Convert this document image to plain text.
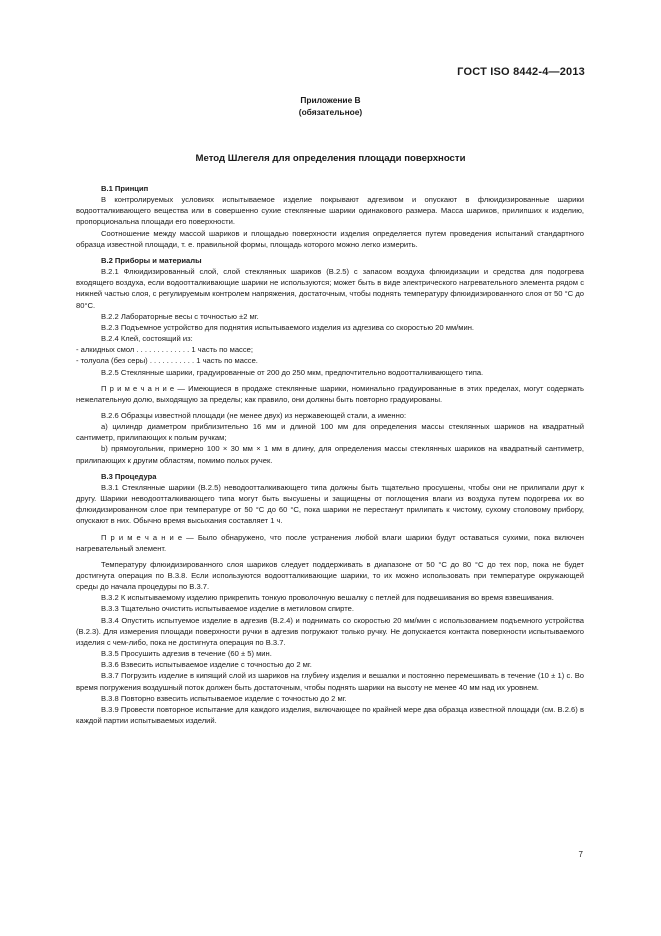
ГОСТ ISO 8442-4—2013
Приложение B
(обязательное)
Метод Шлегеля для определения площади поверхности

В.1 Принцип

В контролируемых условиях испытываемое изделие покрывают адгезивом и опускают в флюидизированные шарики водоотталкивающего вещества или в совершенно сухие стеклянные шарики одинакового размера. Масса шариков, прилипших к изделию, пропорциональна площади его поверхности.

Соотношение между массой шариков и площадью поверхности изделия определяется путем проведения испытаний стандартного образца известной площади, т. е. правильной формы, площадь которого можно легко измерить.

В.2 Приборы и материалы

В.2.1 Флюидизированный слой, слой стеклянных шариков (В.2.5) с запасом воздуха флюидизации и средства для подогрева входящего воздуха, если водоотталкивающие шарики не используются; может быть в виде электрического нагревательного элемента рядом с нижней частью слоя, с регулируемым контролем напряжения, достаточным, чтобы поднять температуру флюидизированного слоя от 50 °С до 80°С.

В.2.2 Лабораторные весы с точностью ±2 мг.

В.2.3 Подъемное устройство для поднятия испытываемого изделия из адгезива со скоростью 20 мм/мин.

В.2.4 Клей, состоящий из:

- алкидных смол . . . . . . . . . . . . . 1 часть по массе;

- толуола (без серы) . . . . . . . . . . . 1 часть по массе.

В.2.5 Стеклянные шарики, градуированные от 200 до 250 мкм, предпочтительно водоотталкивающего типа.

П р и м е ч а н и е — Имеющиеся в продаже стеклянные шарики, номинально градуированные в этих пределах, могут содержать нежелательную долю, выходящую за пределы; как правило, они должны быть повторно градуированы.

В.2.6 Образцы известной площади (не менее двух) из нержавеющей стали, а именно:

а) цилиндр диаметром приблизительно 16 мм и длиной 100 мм для определения массы стеклянных шариков на квадратный сантиметр, прилипающих к полым ручкам;

b) прямоугольник, примерно 100 × 30 мм × 1 мм в длину, для определения массы стеклянных шариков на квадратный сантиметр, прилипающих к другим областям, помимо полых ручек.

В.3 Процедура

В.3.1 Стеклянные шарики (В.2.5) неводоотталкивающего типа должны быть тщательно просушены, чтобы они не прилипали друг к другу. Шарики неводоотталкивающего типа могут быть высушены и защищены от поглощения влаги из воздуха путем подогрева их во флюидизированном слое при температуре от 50 °С до 60 °С, пока шарики не перестанут прилипать к чистому, сухому столовому прибору, опускают в них. Обычно время высыхания составляет 1 ч.

П р и м е ч а н и е — Было обнаружено, что после устранения любой влаги шарики будут оставаться сухими, пока включен нагревательный элемент.

Температуру флюидизированного слоя шариков следует поддерживать в диапазоне от 50 °С до 80 °С до тех пор, пока не будет достигнута операция по В.3.8. Если используются водоотталкивающие шарики, то их можно использовать при температуре окружающей среды до начала процедуры по В.3.7.

В.3.2 К испытываемому изделию прикрепить тонкую проволочную вешалку с петлей для подвешивания во время взвешивания.

В.3.3 Тщательно очистить испытываемое изделие в метиловом спирте.

В.3.4 Опустить испытуемое изделие в адгезив (В.2.4) и поднимать со скоростью 20 мм/мин с использованием подъемного устройства (В.2.3). Для измерения площади поверхности ручки в адгезив погружают только ручку. Не допускается контакта поверхности испытываемого изделия с чем-либо, пока не достигнута операция по В.3.7.

В.3.5 Просушить адгезив в течение (60 ± 5) мин.

В.3.6 Взвесить испытываемое изделие с точностью до 2 мг.

В.3.7 Погрузить изделие в кипящий слой из шариков на глубину изделия и вешалки и постоянно перемешивать в течение (10 ± 1) с. Во время погружения воздушный поток должен быть достаточным, чтобы поднять шарики на высоту не менее 40 мм над их уровнем.

В.3.8 Повторно взвесить испытываемое изделие с точностью до 2 мг.

В.3.9 Провести повторное испытание для каждого изделия, включающее по крайней мере два образца известной площади (см. В.2.6) в каждой партии испытываемых изделий.

7
